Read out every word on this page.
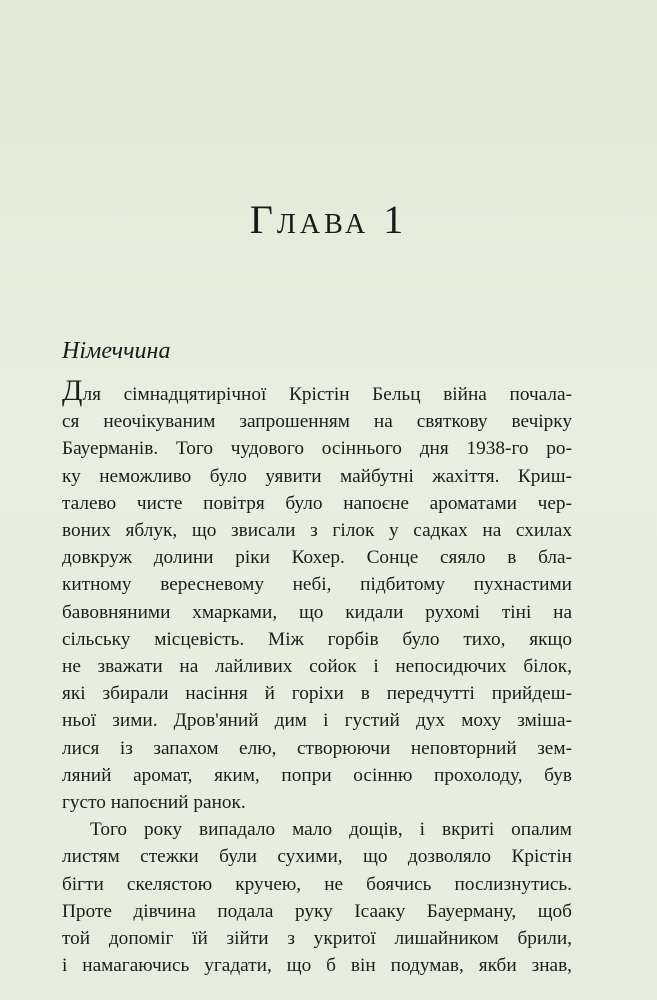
Глава 1
Німеччина
Для сімнадцятирічної Крістін Бельц війна почала-
ся неочікуваним запрошенням на святкову вечірку
Бауерманів. Того чудового осіннього дня 1938-го ро-
ку неможливо було уявити майбутні жахіття. Криш-
талево чисте повітря було напоєне ароматами чер-
воних яблук, що звисали з гілок у садках на схилах
довкруж долини ріки Кохер. Сонце сяяло в бла-
китному вересневому небі, підбитому пухнастими
бавовняними хмарками, що кидали рухомі тіні на
сільську місцевість. Між горбів було тихо, якщо
не зважати на лайливих сойок і непосидючих білок,
які збирали насіння й горіхи в передчутті прийдеш-
ньої зими. Дров'яний дим і густий дух моху зміша-
лися із запахом елю, створюючи неповторний зем-
ляний аромат, яким, попри осінню прохолоду, був
густо напоєний ранок.
Того року випадало мало дощів, і вкриті опалим
листям стежки були сухими, що дозволяло Крістін
бігти скелястою кручею, не боячись послизнутись.
Проте дівчина подала руку Ісааку Бауерману, щоб
той допоміг їй зійти з укритої лишайником брили,
і намагаючись угадати, що б він подумав, якби знав,
